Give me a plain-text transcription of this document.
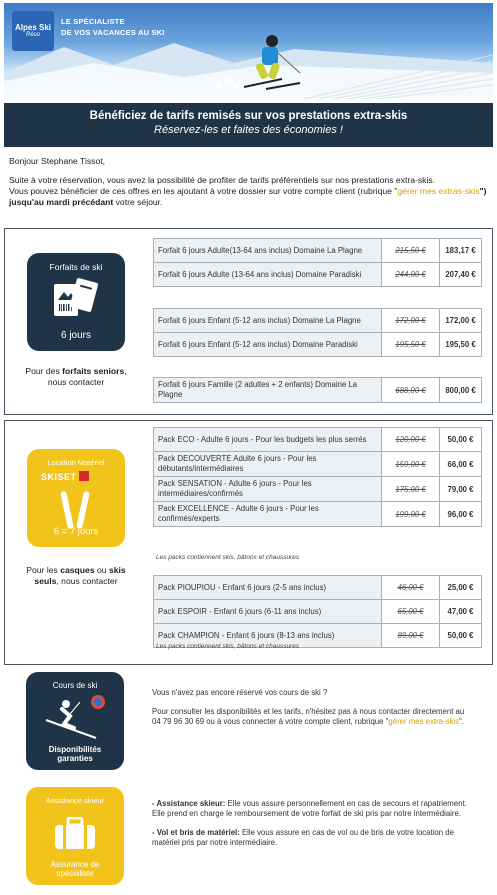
Alpes Ski
Réso
LE SPÉCIALISTE
DE VOS VACANCES AU SKI
Bénéficiez de tarifs remisés sur vos prestations extra-skis
Réservez-les et faites des économies !

Bonjour Stephane Tissot,

Suite à votre réservation, vous avez la possibilité de profiter de tarifs préférentiels sur nos prestations extra-skis.
Vous pouvez bénéficier de ces offres en les ajoutant à votre dossier sur votre compte client (rubrique "gérer mes extras-skis") jusqu'au mardi précédant votre séjour.

Forfaits de ski
6 jours
Pour des forfaits seniors, nous contacter
Forfait 6 jours Adulte(13-64 ans inclus) Domaine La Plagne	215,50 €	183,17 €
Forfait 6 jours Adulte (13-64 ans inclus) Domaine Paradiski	244,00 €	207,40 €
Forfait 6 jours Enfant (5-12 ans inclus) Domaine La Plagne	172,00 €	172,00 €
Forfait 6 jours Enfant (5-12 ans inclus) Domaine Paradiski	195,50 €	195,50 €
Forfait 6 jours Famille (2 adultes + 2 enfants) Domaine La Plagne	688,00 €	800,00 €
Location Matériel
SKISET
6 = 7 jours
Pour les casques ou skis seuls, nous contacter
Pack ECO - Adulte 6 jours - Pour les budgets les plus serrés	120,00 €	50,00 €
Pack DECOUVERTE Adulte 6 jours - Pour les débutants/intermédiaires	159,00 €	66,00 €
Pack SENSATION - Adulte 6 jours - Pour les intermédiaires/confirmés	175,00 €	79,00 €
Pack EXCELLENCE - Adulte 6 jours - Pour les confirmés/experts	199,00 €	96,00 €
Les packs contiennent skis, bâtons et chaussures
Pack PIOUPIOU - Enfant 6 jours (2-5 ans inclus)	46,00 €	25,00 €
Pack ESPOIR - Enfant 6 jours (6-11 ans inclus)	65,00 €	47,00 €
Pack CHAMPION - Enfant 6 jours (8-13 ans inclus)	89,00 €	50,00 €
Les packs contiennent skis, bâtons et chaussures
Cours de ski
Disponibilités
garanties

Vous n'avez pas encore réservé vos cours de ski ?

Pour consulter les disponibilités et les tarifs, n'hésitez pas à nous contacter directement au 04 79 96 30 69 ou à vous connecter à votre compte client, rubrique "gérer mes extra-skis".

Assistance skieur
Assurance de
spécialiste

- Assistance skieur: Elle vous assure personnellement en cas de secours et rapatriement. Elle prend en charge le remboursement de votre forfait de ski pris par notre intermédiaire.

- Vol et bris de matériel: Elle vous assure en cas de vol ou de bris de votre location de matériel pris par notre intermédiaire.
